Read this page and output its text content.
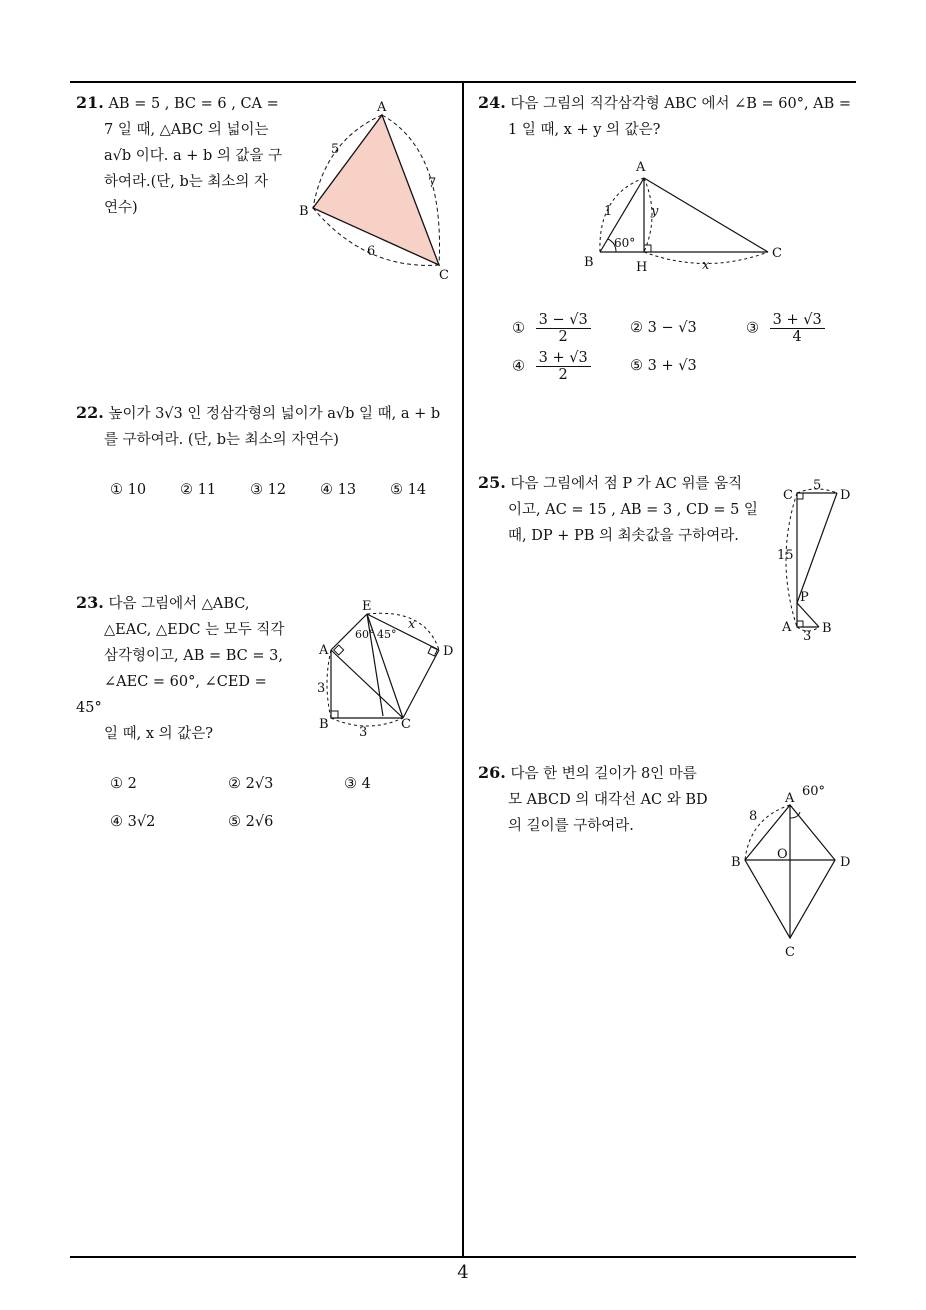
21. AB = 5 , BC = 6 , CA =
7 일 때, △ABC 의 넓이는
a√b 이다. a + b 의 값을 구
하여라.(단, b는 최소의 자
연수)
A
B
C
5
7
6
22. 높이가 3√3 인 정삼각형의 넓이가 a√b 일 때, a + b
를 구하여라. (단, b는 최소의 자연수)
① 10 ② 11 ③ 12 ④ 13 ⑤ 14
23. 다음 그림에서 △ABC,
△EAC, △EDC 는 모두 직각
삼각형이고, AB = BC = 3,
∠AEC = 60°, ∠CED = 45°
일 때, x 의 값은?
E
A	D
B	C
60° 45°
x
3
3
① 2	② 2√3	③ 4
④ 3√2	⑤ 2√6
24. 다음 그림의 직각삼각형 ABC 에서 ∠B = 60°, AB =
1 일 때, x + y 의 값은?
A
B
C
H
1	y
x
60°
① $\frac{3 - √3}{2}$	② 3 − √3	③ $\frac{3 + √3}{4}$
④ $\frac{3 + √3}{2}$	⑤ 3 + √3
25. 다음 그림에서 점 P 가 AC 위를 움직
이고, AC = 15 , AB = 3 , CD = 5 일
때, DP + PB 의 최솟값을 구하여라.
C	D
P
A B
5
15
3
26. 다음 한 변의 길이가 8인 마름
모 ABCD 의 대각선 AC 와 BD
의 길이를 구하여라.
A
B	D
C
O
8
60°
4
